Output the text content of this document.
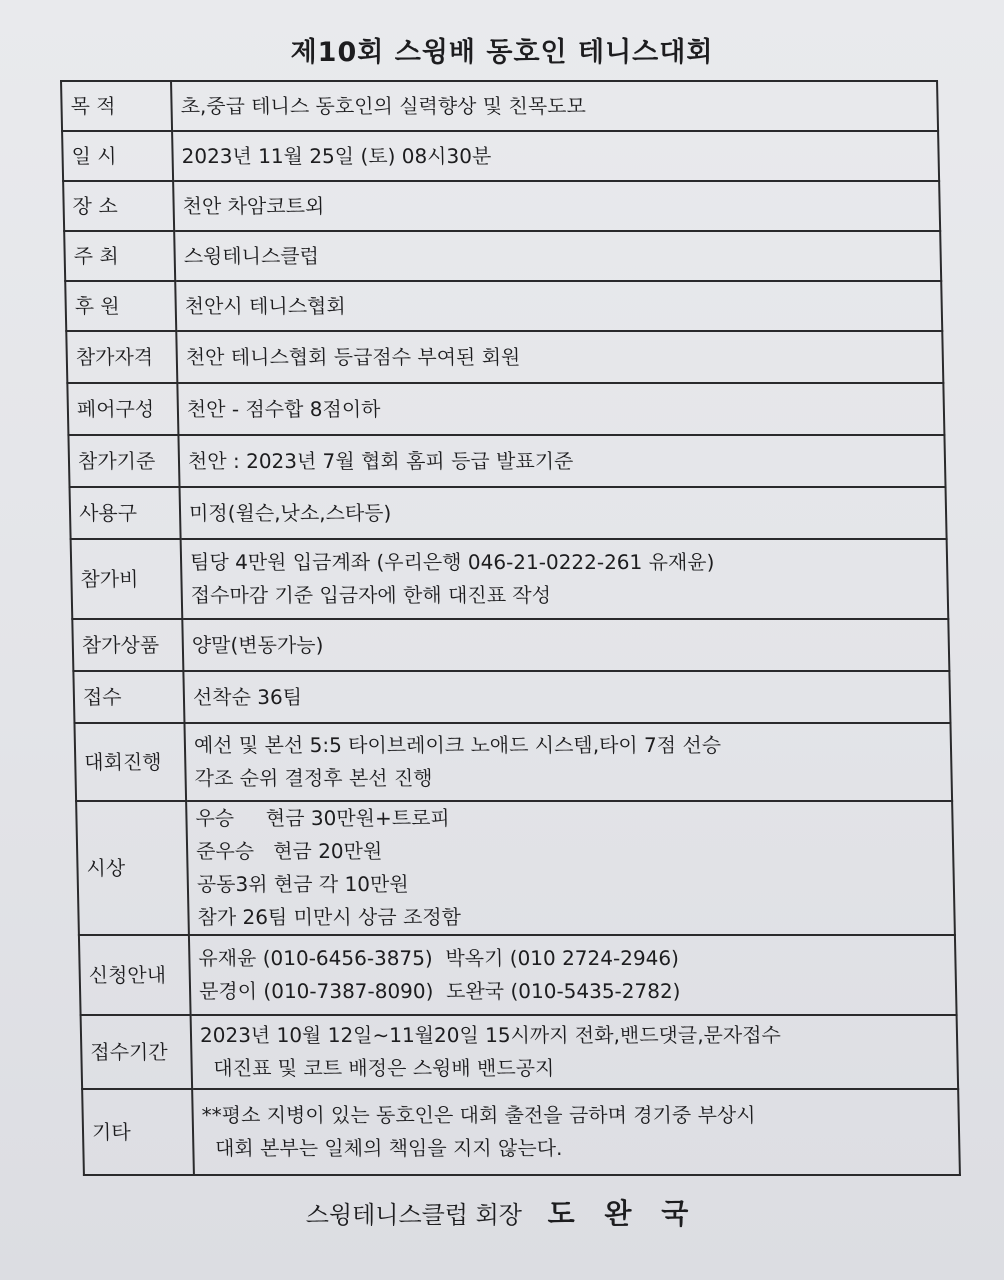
제10회 스윙배 동호인 테니스대회
목 적	초,중급 테니스 동호인의 실력향상 및 친목도모

일 시	2023년 11월 25일 (토) 08시30분

장 소	천안 차암코트외

주 최	스윙테니스클럽

후 원	천안시 테니스협회

참가자격	천안 테니스협회 등급점수 부여된 회원

페어구성	천안 - 점수합 8점이하

참가기준	천안 : 2023년 7월 협회 홈피 등급 발표기준

사용구	미정(윌슨,낫소,스타등)

참가비	팀당 4만원 입금계좌 (우리은행 046-21-0222-261 유재윤)
접수마감 기준 입금자에 한해 대진표 작성

참가상품	양말(변동가능)

접수	선착순 36팀

대회진행	예선 및 본선 5:5 타이브레이크 노애드 시스템,타이 7점 선승
각조 순위 결정후 본선 진행

시상	우승     현금 30만원+트로피
준우승   현금 20만원
공동3위 현금 각 10만원
참가 26팀 미만시 상금 조정함

신청안내	유재윤 (010-6456-3875)  박옥기 (010 2724-2946)
문경이 (010-7387-8090)  도완국 (010-5435-2782)

접수기간	2023년 10월 12일~11월20일 15시까지 전화,밴드댓글,문자접수
대진표 및 코트 배정은 스윙배 밴드공지

기타	**평소 지병이 있는 동호인은 대회 출전을 금하며 경기중 부상시
대회 본부는 일체의 책임을 지지 않는다.
스윙테니스클럽 회장 도 완 국
